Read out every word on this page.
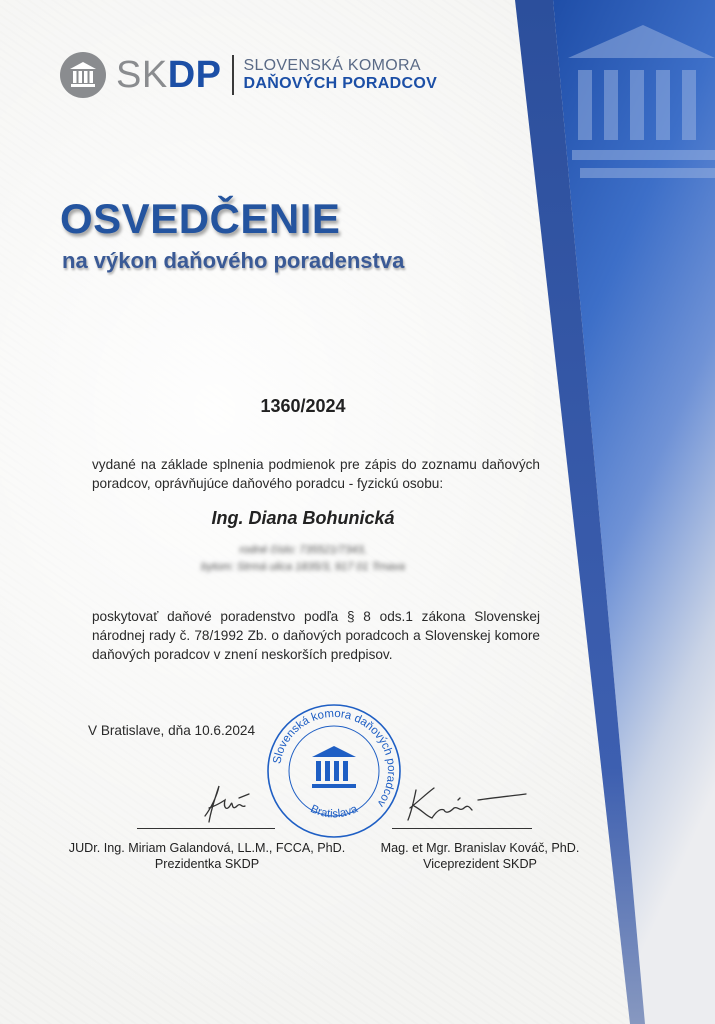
SKDP SLOVENSKÁ KOMORA
DAŇOVÝCH PORADCOV
OSVEDČENIE
na výkon daňového poradenstva
1360/2024
vydané na základe splnenia podmienok pre zápis do zoznamu daňových poradcov, oprávňujúce daňového poradcu - fyzickú osobu:
Ing. Diana Bohunická
rodné číslo: 735521/7343,
bytom: Strmá ulica 1835/3, 917 01 Trnava
poskytovať daňové poradenstvo podľa § 8 ods.1 zákona Slovenskej národnej rady č. 78/1992 Zb. o daňových poradcoch a Slovenskej komore daňových poradcov v znení neskorších predpisov.
V Bratislave, dňa 10.6.2024
Slovenská komora daňových poradcov
Bratislava
JUDr. Ing. Miriam Galandová, LL.M., FCCA, PhD.
Prezidentka SKDP
Mag. et Mgr. Branislav Kováč, PhD.
Viceprezident SKDP
